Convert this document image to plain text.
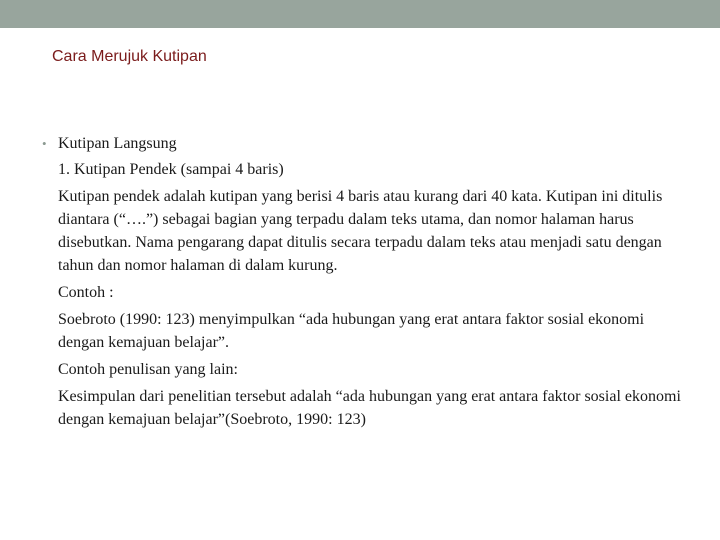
Cara Merujuk Kutipan
• Kutipan Langsung

1. Kutipan Pendek (sampai 4 baris)

Kutipan pendek adalah kutipan yang berisi 4 baris atau kurang dari 40 kata. Kutipan ini ditulis diantara (“….”) sebagai bagian yang terpadu dalam teks utama, dan nomor halaman harus disebutkan. Nama pengarang dapat ditulis secara terpadu dalam teks atau menjadi satu dengan tahun dan nomor halaman di dalam kurung.

Contoh :

Soebroto (1990: 123) menyimpulkan “ada hubungan yang erat antara faktor sosial ekonomi dengan kemajuan belajar”.

Contoh penulisan yang lain:

Kesimpulan dari penelitian tersebut adalah “ada hubungan yang erat antara faktor sosial ekonomi dengan kemajuan belajar”(Soebroto, 1990: 123)
